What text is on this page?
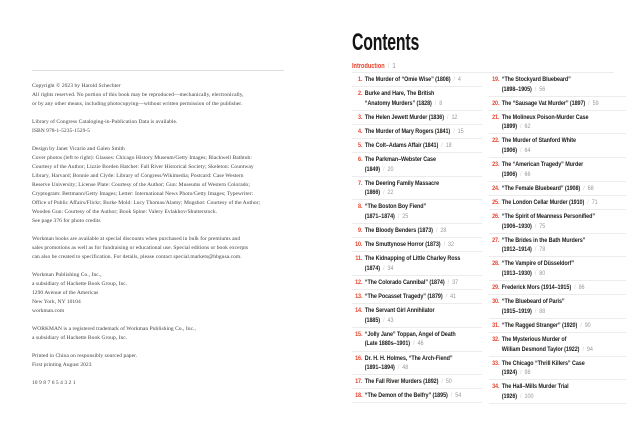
Copyright © 2023 by Harold Schechter
All rights reserved. No portion of this book may be reproduced—mechanically, electronically,
or by any other means, including photocopying—without written permission of the publisher.

Library of Congress Cataloging-in-Publication Data is available.
ISBN 978-1-5235-1529-5

Design by Janet Vicario and Galen Smith
Cover photos (left to right): Glasses: Chicago History Museum/Getty Images; Blackwell Bathtub:
Courtesy of the Author; Lizzie Borden Hatchet: Fall River Historical Society; Skeleton: Countway
Library, Harvard; Bonnie and Clyde: Library of Congress/Wikimedia; Postcard: Case Western
Reserve University; License Plate: Courtesy of the Author; Gun: Museums of Western Colorado;
Cryptogram: Bettmann/Getty Images; Letter: International News Photo/Getty Images; Typewriter:
Office of Public Affairs/Flickr; Burke Mold: Lucy Thomas/Alamy; Mugshot: Courtesy of the Author;
Wooden Gun: Courtesy of the Author; Book Spine: Valery Evlakhov/Shutterstock.
See page 376 for photo credits

Workman books are available at special discounts when purchased in bulk for premiums and
sales promotions as well as for fundraising or educational use. Special editions or book excerpts
can also be created to specification. For details, please contact special.markets@hbgusa.com.

Workman Publishing Co., Inc.,
a subsidiary of Hachette Book Group, Inc.
1290 Avenue of the Americas
New York, NY 10104
workman.com

WORKMAN is a registered trademark of Workman Publishing Co., Inc.,
a subsidiary of Hachette Book Group, Inc.

Printed in China on responsibly sourced paper.
First printing August 2023

10 9 8 7 6 5 4 3 2 1
Contents
Introduction / 1
1. The Murder of “Omie Wise” (1808) / 4
2. Burke and Hare, The British
“Anatomy Murders” (1828) / 8
3. The Helen Jewett Murder (1836) / 12
4. The Murder of Mary Rogers (1841) / 15
5. The Colt–Adams Affair (1841) / 18
6. The Parkman–Webster Case
(1849) / 20
7. The Deering Family Massacre
(1866) / 22
8. “The Boston Boy Fiend”
(1871–1874) / 25
9. The Bloody Benders (1873) / 28
10. The Smuttynose Horror (1873) / 32
11. The Kidnapping of Little Charley Ross
(1874) / 34
12. “The Colorado Cannibal” (1874) / 37
13. “The Pocasset Tragedy” (1879) / 41
14. The Servant Girl Annihilator
(1885) / 43
15. “Jolly Jane” Toppan, Angel of Death
(Late 1880s–1901) / 46
16. Dr. H. H. Holmes, “The Arch-Fiend”
(1891–1894) / 48
17. The Fall River Murders (1892) / 50
18. “The Demon of the Belfry” (1895) / 54
19. “The Stockyard Bluebeard”
(1898–1905) / 56
20. The “Sausage Vat Murder” (1897) / 59
21. The Molineux Poison-Murder Case
(1899) / 62
22. The Murder of Stanford White
(1906) / 64
23. The “American Tragedy” Murder
(1906) / 66
24. “The Female Bluebeard” (1908) / 68
25. The London Cellar Murder (1910) / 71
26. “The Spirit of Meanness Personified”
(1906–1930) / 75
27. “The Brides in the Bath Murders”
(1912–1914) / 78
28. “The Vampire of Düsseldorf”
(1913–1930) / 80
29. Frederick Mors (1914–1915) / 86
30. “The Bluebeard of Paris”
(1915–1919) / 88
31. “The Ragged Stranger” (1920) / 90
32. The Mysterious Murder of
William Desmond Taylor (1922) / 94
33. The Chicago “Thrill Killers” Case
(1924) / 98
34. The Hall–Mills Murder Trial
(1926) / 100
